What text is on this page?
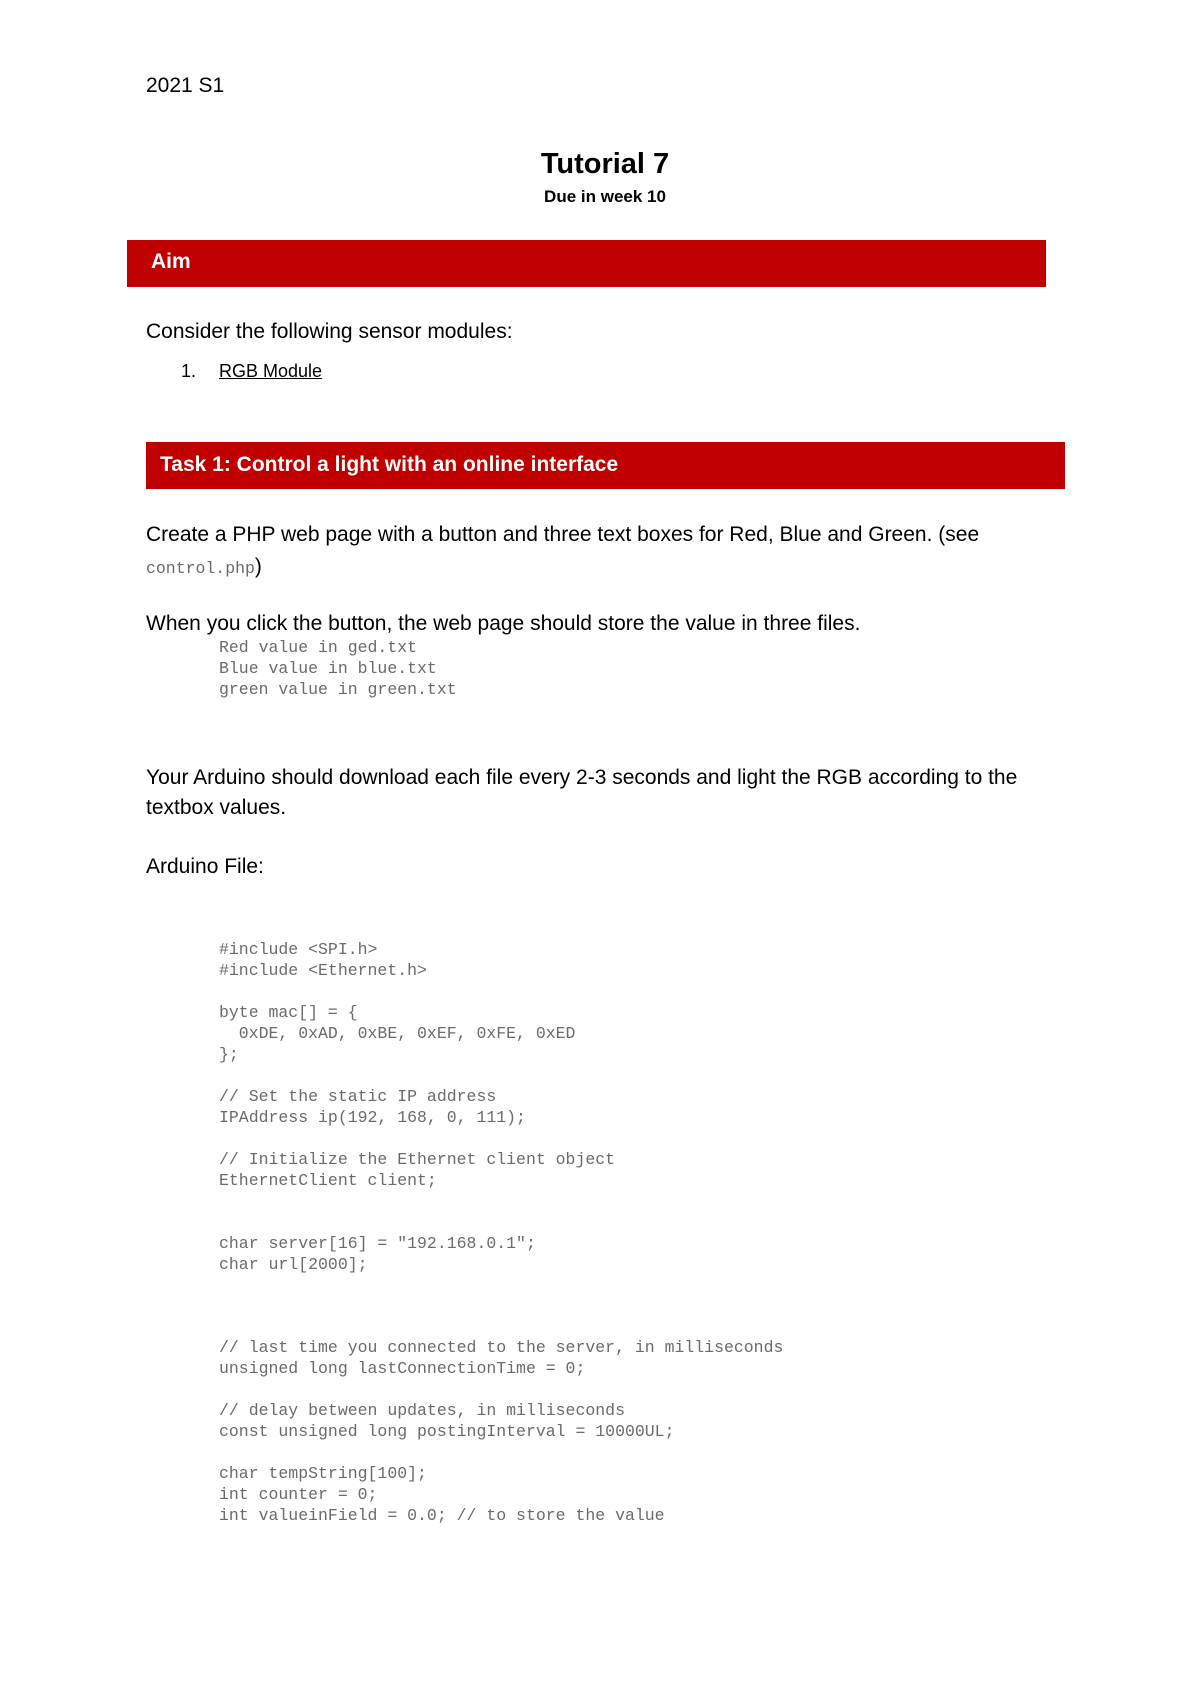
2021 S1
Tutorial 7
Due in week 10
Aim
Consider the following sensor modules:
1. RGB Module
Task 1: Control a light with an online interface
Create a PHP web page with a button and three text boxes for Red, Blue and Green. (see
control.php)
When you click the button, the web page should store the value in three files.
Red value in ged.txt
Blue value in blue.txt
green value in green.txt
Your Arduino should download each file every 2-3 seconds and light the RGB according to the textbox values.
Arduino File:
#include <SPI.h>
#include <Ethernet.h>
byte mac[] = {
0xDE, 0xAD, 0xBE, 0xEF, 0xFE, 0xED
};
// Set the static IP address
IPAddress ip(192, 168, 0, 111);
// Initialize the Ethernet client object
EthernetClient client;
char server[16] = "192.168.0.1";
char url[2000];
// last time you connected to the server, in milliseconds
unsigned long lastConnectionTime = 0;
// delay between updates, in milliseconds
const unsigned long postingInterval = 10000UL;
char tempString[100];
int counter = 0;
int valueinField = 0.0; // to store the value
